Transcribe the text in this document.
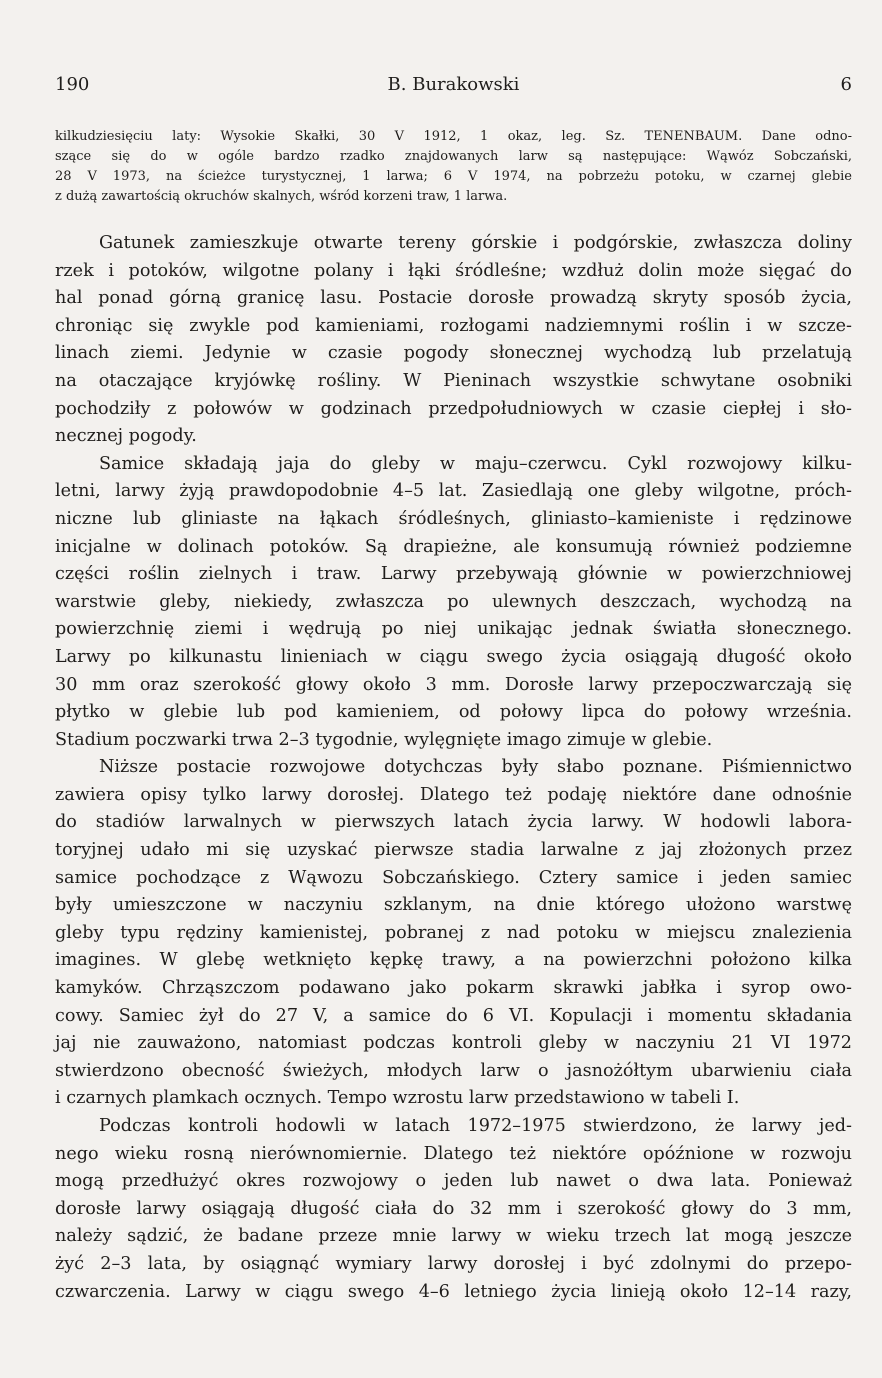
190	B. Burakowski	6
kilkudziesięciu laty: Wysokie Skałki, 30 V 1912, 1 okaz, leg. Sz. TENENBAUM. Dane odno-
szące się do w ogóle bardzo rzadko znajdowanych larw są następujące: Wąwóz Sobczański,
28 V 1973, na ścieżce turystycznej, 1 larwa; 6 V 1974, na pobrzeżu potoku, w czarnej glebie
z dużą zawartością okruchów skalnych, wśród korzeni traw, 1 larwa.
Gatunek zamieszkuje otwarte tereny górskie i podgórskie, zwłaszcza doliny
rzek i potoków, wilgotne polany i łąki śródleśne; wzdłuż dolin może sięgać do
hal ponad górną granicę lasu. Postacie dorosłe prowadzą skryty sposób życia,
chroniąc się zwykle pod kamieniami, rozłogami nadziemnymi roślin i w szcze-
linach ziemi. Jedynie w czasie pogody słonecznej wychodzą lub przelatują
na otaczające kryjówkę rośliny. W Pieninach wszystkie schwytane osobniki
pochodziły z połowów w godzinach przedpołudniowych w czasie ciepłej i sło-
necznej pogody.
Samice składają jaja do gleby w maju–czerwcu. Cykl rozwojowy kilku-
letni, larwy żyją prawdopodobnie 4–5 lat. Zasiedlają one gleby wilgotne, próch-
niczne lub gliniaste na łąkach śródleśnych, gliniasto–kamieniste i rędzinowe
inicjalne w dolinach potoków. Są drapieżne, ale konsumują również podziemne
części roślin zielnych i traw. Larwy przebywają głównie w powierzchniowej
warstwie gleby, niekiedy, zwłaszcza po ulewnych deszczach, wychodzą na
powierzchnię ziemi i wędrują po niej unikając jednak światła słonecznego.
Larwy po kilkunastu linieniach w ciągu swego życia osiągają długość około
30 mm oraz szerokość głowy około 3 mm. Dorosłe larwy przepoczwarczają się
płytko w glebie lub pod kamieniem, od połowy lipca do połowy września.
Stadium poczwarki trwa 2–3 tygodnie, wylęgnięte imago zimuje w glebie.
Niższe postacie rozwojowe dotychczas były słabo poznane. Piśmiennictwo
zawiera opisy tylko larwy dorosłej. Dlatego też podaję niektóre dane odnośnie
do stadiów larwalnych w pierwszych latach życia larwy. W hodowli labora-
toryjnej udało mi się uzyskać pierwsze stadia larwalne z jaj złożonych przez
samice pochodzące z Wąwozu Sobczańskiego. Cztery samice i jeden samiec
były umieszczone w naczyniu szklanym, na dnie którego ułożono warstwę
gleby typu rędziny kamienistej, pobranej z nad potoku w miejscu znalezienia
imagines. W glebę wetknięto kępkę trawy, a na powierzchni położono kilka
kamyków. Chrząszczom podawano jako pokarm skrawki jabłka i syrop owo-
cowy. Samiec żył do 27 V, a samice do 6 VI. Kopulacji i momentu składania
jaj nie zauważono, natomiast podczas kontroli gleby w naczyniu 21 VI 1972
stwierdzono obecność świeżych, młodych larw o jasnożółtym ubarwieniu ciała
i czarnych plamkach ocznych. Tempo wzrostu larw przedstawiono w tabeli I.
Podczas kontroli hodowli w latach 1972–1975 stwierdzono, że larwy jed-
nego wieku rosną nierównomiernie. Dlatego też niektóre opóźnione w rozwoju
mogą przedłużyć okres rozwojowy o jeden lub nawet o dwa lata. Ponieważ
dorosłe larwy osiągają długość ciała do 32 mm i szerokość głowy do 3 mm,
należy sądzić, że badane przeze mnie larwy w wieku trzech lat mogą jeszcze
żyć 2–3 lata, by osiągnąć wymiary larwy dorosłej i być zdolnymi do przepo-
czwarczenia. Larwy w ciągu swego 4–6 letniego życia linieją około 12–14 razy,
